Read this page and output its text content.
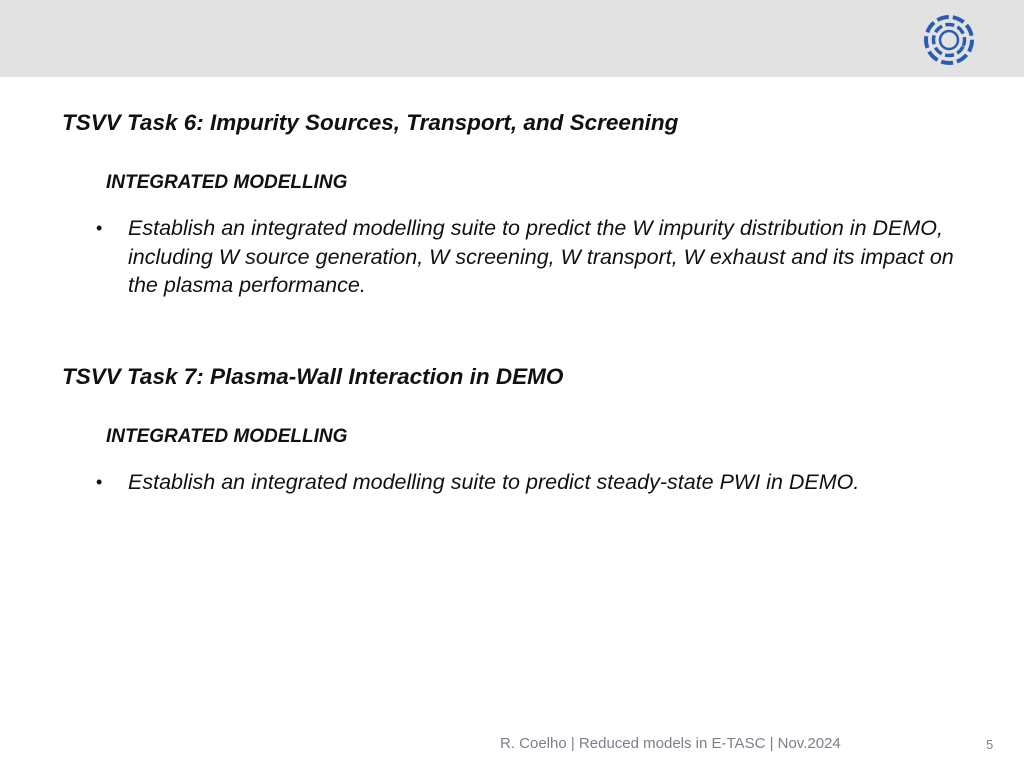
TSVV Task 6: Impurity Sources, Transport, and Screening
INTEGRATED MODELLING
• Establish an integrated modelling suite to predict the W impurity distribution in DEMO, including W source generation, W screening, W transport, W exhaust and its impact on the plasma performance.
TSVV Task 7: Plasma-Wall Interaction in DEMO
INTEGRATED MODELLING
• Establish an integrated modelling suite to predict steady-state PWI in DEMO.
R. Coelho | Reduced models in E-TASC | Nov.2024	5
